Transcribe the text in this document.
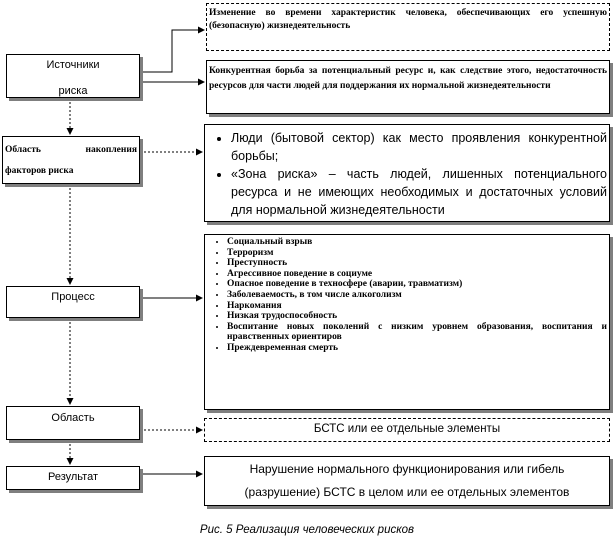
Источники
риска
Область накопления факторов риска
Процесс
Область
Результат
Изменение во времени характеристик человека, обеспечивающих его успешную (безопасную) жизнедеятельность
Конкурентная борьба за потенциальный ресурс и, как следствие этого, недостаточность ресурсов для части людей для поддержания их нормальной жизнедеятельности
• Люди (бытовой сектор) как место проявления конкурентной борьбы;
• «Зона риска» – часть людей, лишенных потенциального ресурса и не имеющих необходимых и достаточных условий для нормальной жизнедеятельности
• Социальный взрыв
• Терроризм
• Преступность
• Агрессивное поведение в социуме
• Опасное поведение в техносфере (аварии, травматизм)
• Заболеваемость, в том числе алкоголизм
• Наркомания
• Низкая трудоспособность
• Воспитание новых поколений с низким уровнем образования, воспитания и нравственных ориентиров
• Преждевременная смерть
БСТС или ее отдельные элементы
Нарушение нормального функционирования или гибель
(разрушение) БСТС в целом или ее отдельных элементов
Рис. 5 Реализация человеческих рисков
